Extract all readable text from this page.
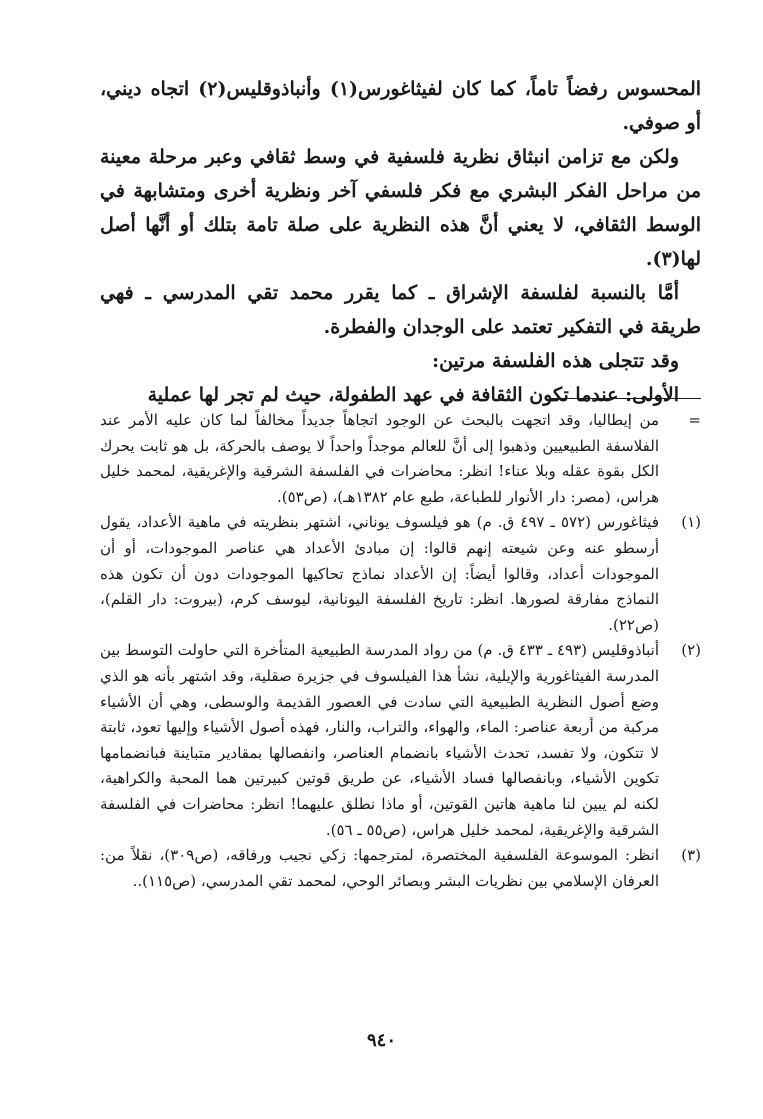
المحسوس رفضاً تاماً، كما كان لفيثاغورس(١) وأنباذوقليس(٢) اتجاه ديني، أو صوفي.

ولكن مع تزامن انبثاق نظرية فلسفية في وسط ثقافي وعبر مرحلة معينة من مراحل الفكر البشري مع فكر فلسفي آخر ونظرية أخرى ومتشابهة في الوسط الثقافي، لا يعني أنَّ هذه النظرية على صلة تامة بتلك أو أنَّها أصل لها(٣).

أمَّا بالنسبة لفلسفة الإشراق ـ كما يقرر محمد تقي المدرسي ـ فهي طريقة في التفكير تعتمد على الوجدان والفطرة.

وقد تتجلى هذه الفلسفة مرتين:

الأولى: عندما تكون الثقافة في عهد الطفولة، حيث لم تجر لها عملية

=
من إيطاليا، وقد اتجهت بالبحث عن الوجود اتجاهاً جديداً مخالفاً لما كان عليه الأمر عند الفلاسفة الطبيعيين وذهبوا إلى أنَّ للعالم موجداً واحداً لا يوصف بالحركة، بل هو ثابت يحرك الكل بقوة عقله وبلا عناء! انظر: محاضرات في الفلسفة الشرقية والإغريقية، لمحمد خليل هراس، (مصر: دار الأنوار للطباعة، طبع عام ١٣٨٢هـ)، (ص٥٣).
(١)
فيثاغورس (٥٧٢ ـ ٤٩٧ ق. م) هو فيلسوف يوناني، اشتهر بنظريته في ماهية الأعداد، يقول أرسطو عنه وعن شيعته إنهم قالوا: إن مبادئ الأعداد هي عناصر الموجودات، أو أن الموجودات أعداد، وقالوا أيضاً: إن الأعداد نماذج تحاكيها الموجودات دون أن تكون هذه النماذج مفارقة لصورها. انظر: تاريخ الفلسفة اليونانية، ليوسف كرم، (بيروت: دار القلم)، (ص٢٢).
(٢)
أنباذوقليس (٤٩٣ ـ ٤٣٣ ق. م) من رواد المدرسة الطبيعية المتأخرة التي حاولت التوسط بين المدرسة الفيثاغورية والإيلية، نشأ هذا الفيلسوف في جزيرة صقلية، وقد اشتهر بأنه هو الذي وضع أصول النظرية الطبيعية التي سادت في العصور القديمة والوسطى، وهي أن الأشياء مركبة من أربعة عناصر: الماء، والهواء، والتراب، والنار، فهذه أصول الأشياء وإليها تعود، ثابتة لا تتكون، ولا تفسد، تحدث الأشياء بانضمام العناصر، وانفصالها بمقادير متباينة فبانضمامها تكوين الأشياء، وبانفصالها فساد الأشياء، عن طريق قوتين كبيرتين هما المحبة والكراهية، لكنه لم يبين لنا ماهية هاتين القوتين، أو ماذا نطلق عليهما! انظر: محاضرات في الفلسفة الشرقية والإغريقية، لمحمد خليل هراس، (ص٥٥ ـ ٥٦).
(٣)
انظر: الموسوعة الفلسفية المختصرة، لمترجمها: زكي نجيب ورفاقه، (ص٣٠٩)، نقلاً من: العرفان الإسلامي بين نظريات البشر وبصائر الوحي، لمحمد تقي المدرسي، (ص١١٥)..
٩٤٠
